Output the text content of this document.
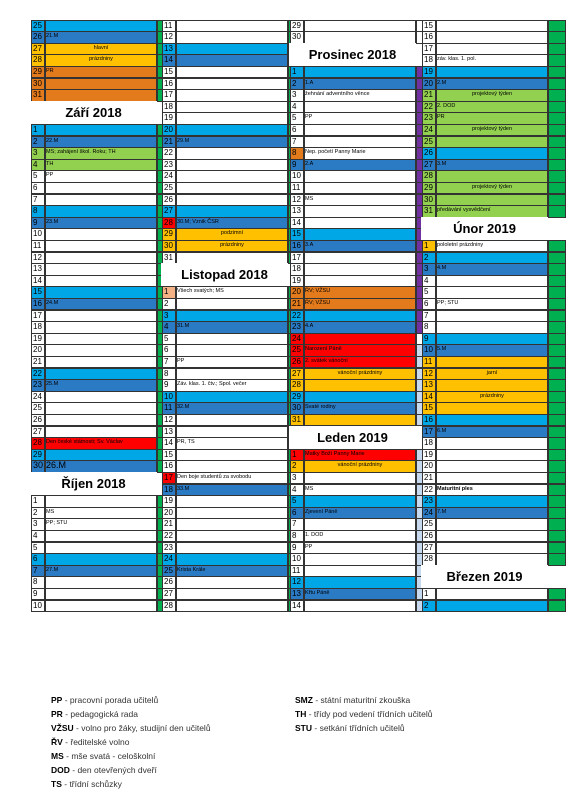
25
26 21.M
27	hlavní
28	prázdniny
29 PR
30
31
Září 2018
1
2	22.M
3	MS; zahájení škol. Roku; TH
4	TH
5	PP
6
7
8
9	23.M
10
11
12
13
14
15
16 24.M
17
18
19
20
21
22
23 25.M
24
25
26
27
28 Den české státnosti; Sv. Václav
29
30 26.M
Říjen 2018
1
2	MS
3	PP; STU
4
5
6
7	27.M
8
9
10
11
12
13
14
15
16
17
18
19
20
21 29.M
22
23
24
25
26
27
28 30.M; Vznik ČSR
29	podzimní
30	prázdniny
31
Listopad 2018
1	Všech svatých; MS
2
3
4	31.M
5
6
7	PP
8
9	Záv. klas. 1. čtv.; Spol. večer
10
11 32.M
12
13
14 PR, TS
15
16
17 Den boje studentů za svobodu
18 33.M
19
20
21
22
23
24
25 Kristа Krále
26
27
28
29
30
Prosinec 2018
1
2	1.A
3	žehnání adventního věnce
4
5	PP
6
7
8	Nep. početí Panny Marie
9	2.A
10
11
12 MS
13
14
15
16 3.A
17
18
19
20 ŘV; VŽSU
21 ŘV; VŽSU
22
23 4.A
24
25 Narození Páně
26 2. svátek vánoční
27	vánoční prázdniny
28
29
30 Svaté rodiny
31
Leden 2019
1	Matky Boží Panny Marie
2	vánoční prázdniny
3
4	MS
5
6	Zjevení Páně
7
8	1. DOD
9	PP
10
11
12
13 Křtu Páně
14
15
16
17
18 záv. klas. 1. pol.
19
20 2.M
21	projektový týden
22 2. DOD
23 PR
24	projektový týden
25
26
27 3.M
28
29	projektový týden
30
31 předávání vysvědčení
Únor 2019
1	pololetní prázdniny
2
3	4.M
4
5
6	PP; STU
7
8
9
10 5.M
11
12	jarní
13
14	prázdniny
15
16
17 6.M
18
19
20
21
22 Maturitní ples
23
24 7.M
25
26
27
28
Březen 2019
1
2
PP - pracovní porada učitelů
PR - pedagogická rada
VŽSU - volno pro žáky, studijní den učitelů
ŘV - ředitelské volno
MS - mše svatá - celoškolní
DOD - den otevřených dveří
TS - třídní schůzky
SMZ - státní maturitní zkouška
TH - třídy pod vedení třídních učitelů
STU - setkání třídních učitelů
